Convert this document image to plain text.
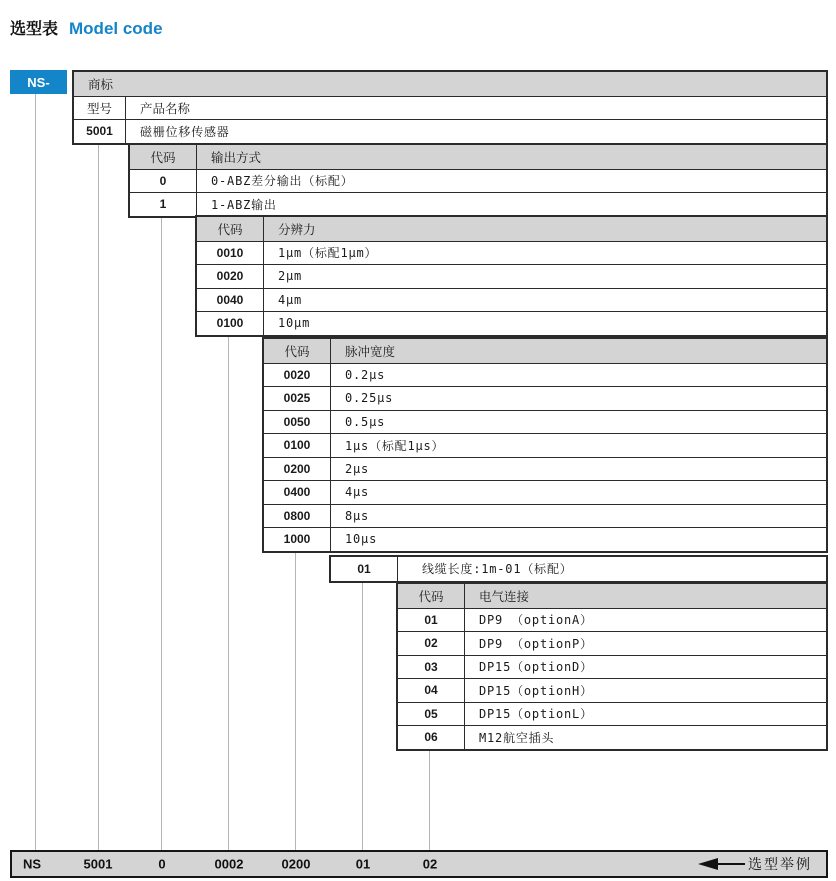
选型表 Model code
NS-	商标
型号	产品名称
5001	磁栅位移传感器
代码	输出方式
0	0-ABZ差分输出（标配）
1	1-ABZ输出
代码	分辨力
0010	1μm（标配1μm）
0020	2μm
0040	4μm
0100	10μm
代码	脉冲宽度
0020	0.2μs
0025	0.25μs
0050	0.5μs
0100	1μs（标配1μs）
0200	2μs
0400	4μs
0800	8μs
1000	10μs
01	线缆长度:1m-01（标配）
代码	电气连接
01	DP9 （optionA）
02	DP9 （optionP）
03	DP15（optionD）
04	DP15（optionH）
05	DP15（optionL）
06	M12航空插头
NS	5001	0	0002	0200	01	02	选型举例
